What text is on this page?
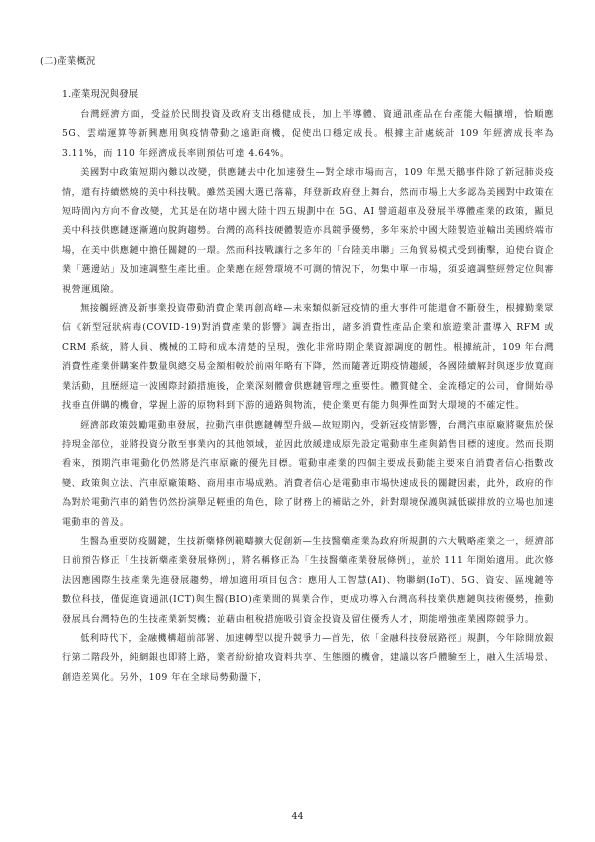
(二)產業概況
1.產業現況與發展

台灣經濟方面，受益於民間投資及政府支出穩健成長，加上半導體、資通訊產品在台產能大幅擴增，恰順應 5G、雲端運算等新興應用與疫情帶動之遠距商機，促使出口穩定成長。根據主計處統計 109 年經濟成長率為 3.11%，而 110 年經濟成長率則預估可達 4.64%。

美國對中政策短期內難以改變，供應鏈去中化加速發生—對全球市場而言，109 年黑天鵝事件除了新冠肺炎疫情，還有持續燃燒的美中科技戰。雖然美國大選已落幕，拜登新政府登上舞台，然而市場上大多認為美國對中政策在短時間內方向不會改變，尤其是在防堵中國大陸十四五規劃中在 5G、AI 譬道超車及發展半導體產業的政策，顯見美中科技供應鏈逐漸邁向脫鉤趨勢。台灣的高科技硬體製造亦具競爭優勢，多年來於中國大陸製造並輸出美國終端市場，在美中供應鏈中擔任關鍵的一環。然而科技戰讓行之多年的「台陸美串聯」三角貿易模式受到衝擊，迫使台資企業「選邊站」及加速調整生產比重。企業應在經營環境不可測的情況下，勿集中單一市場，須妥適調整經營定位與審視營運風險。

無接觸經濟及新事業投資帶動消費企業再創高峰—未來類似新冠疫情的重大事件可能還會不斷發生，根據勤業眾信《新型冠狀病毒(COVID-19)對消費產業的影響》調查指出，諸多消費性產品企業和旅遊業計畫導入 RFM 或 CRM 系統，將人員、機械的工時和成本清楚的呈現，強化非常時期企業資源調度的韌性。根據統計，109 年台灣消費性產業併購案件數量與總交易金額相較於前兩年略有下降，然而隨著近期疫情趨緩，各國陸續解封與逐步放寬商業活動，且歷經這一波國際封鎖措施後，企業深刻體會供應鏈管理之重要性。體質健全、金流穩定的公司，會開始尋找垂直併購的機會，掌握上游的原物料到下游的通路與物流，使企業更有能力與彈性面對大環境的不確定性。

經濟部政策鼓勵電動車發展，拉動汽車供應鏈轉型升級—故短期內，受新冠疫情影響，台灣汽車原廠將聚焦於保持現金部位，並將投資分散至事業內的其他領域，並因此放緩達成原先設定電動車生產與銷售目標的速度。然而長期看來，預期汽車電動化仍然將是汽車原廠的優先目標。電動車產業的四個主要成長動能主要來自消費者信心指數改變、政策與立法、汽車原廠策略、商用車市場成熟。消費者信心是電動車市場快速成長的關鍵因素，此外，政府的作為對於電動汽車的銷售仍然扮演舉足輕重的角色，除了財務上的補貼之外，針對環境保護與減低碳排放的立場也加速電動車的普及。

生醫為重要防疫關鍵，生技新藥條例範疇擴大促創新—生技醫藥產業為政府所規劃的六大戰略產業之一，經濟部日前預告修正「生技新藥產業發展條例」，將名稱修正為「生技醫藥產業發展條例」，並於 111 年開始適用。此次修法因應國際生技產業先進發展趨勢，增加適用項目包含：應用人工智慧(AI)、物聯網(IoT)、5G、資安、區塊鏈等數位科技，僅促進資通訊(ICT)與生醫(BIO)產業間的異業合作，更成功導入台灣高科技業供應鏈與技術優勢，推動發展具台灣特色的生技產業新契機；並藉由租稅措施吸引資金投資及留住優秀人才，期能增強產業國際競爭力。

低利時代下，金融機構超前部署、加速轉型以提升競爭力—首先，依「金融科技發展路徑」規劃，今年除開放銀行第二階段外，純網銀也即將上路，業者紛紛搶攻資料共享、生態圈的機會，建議以客戶體驗至上，融入生活場景、創造差異化。另外，109 年在全球局勢動盪下，

44
